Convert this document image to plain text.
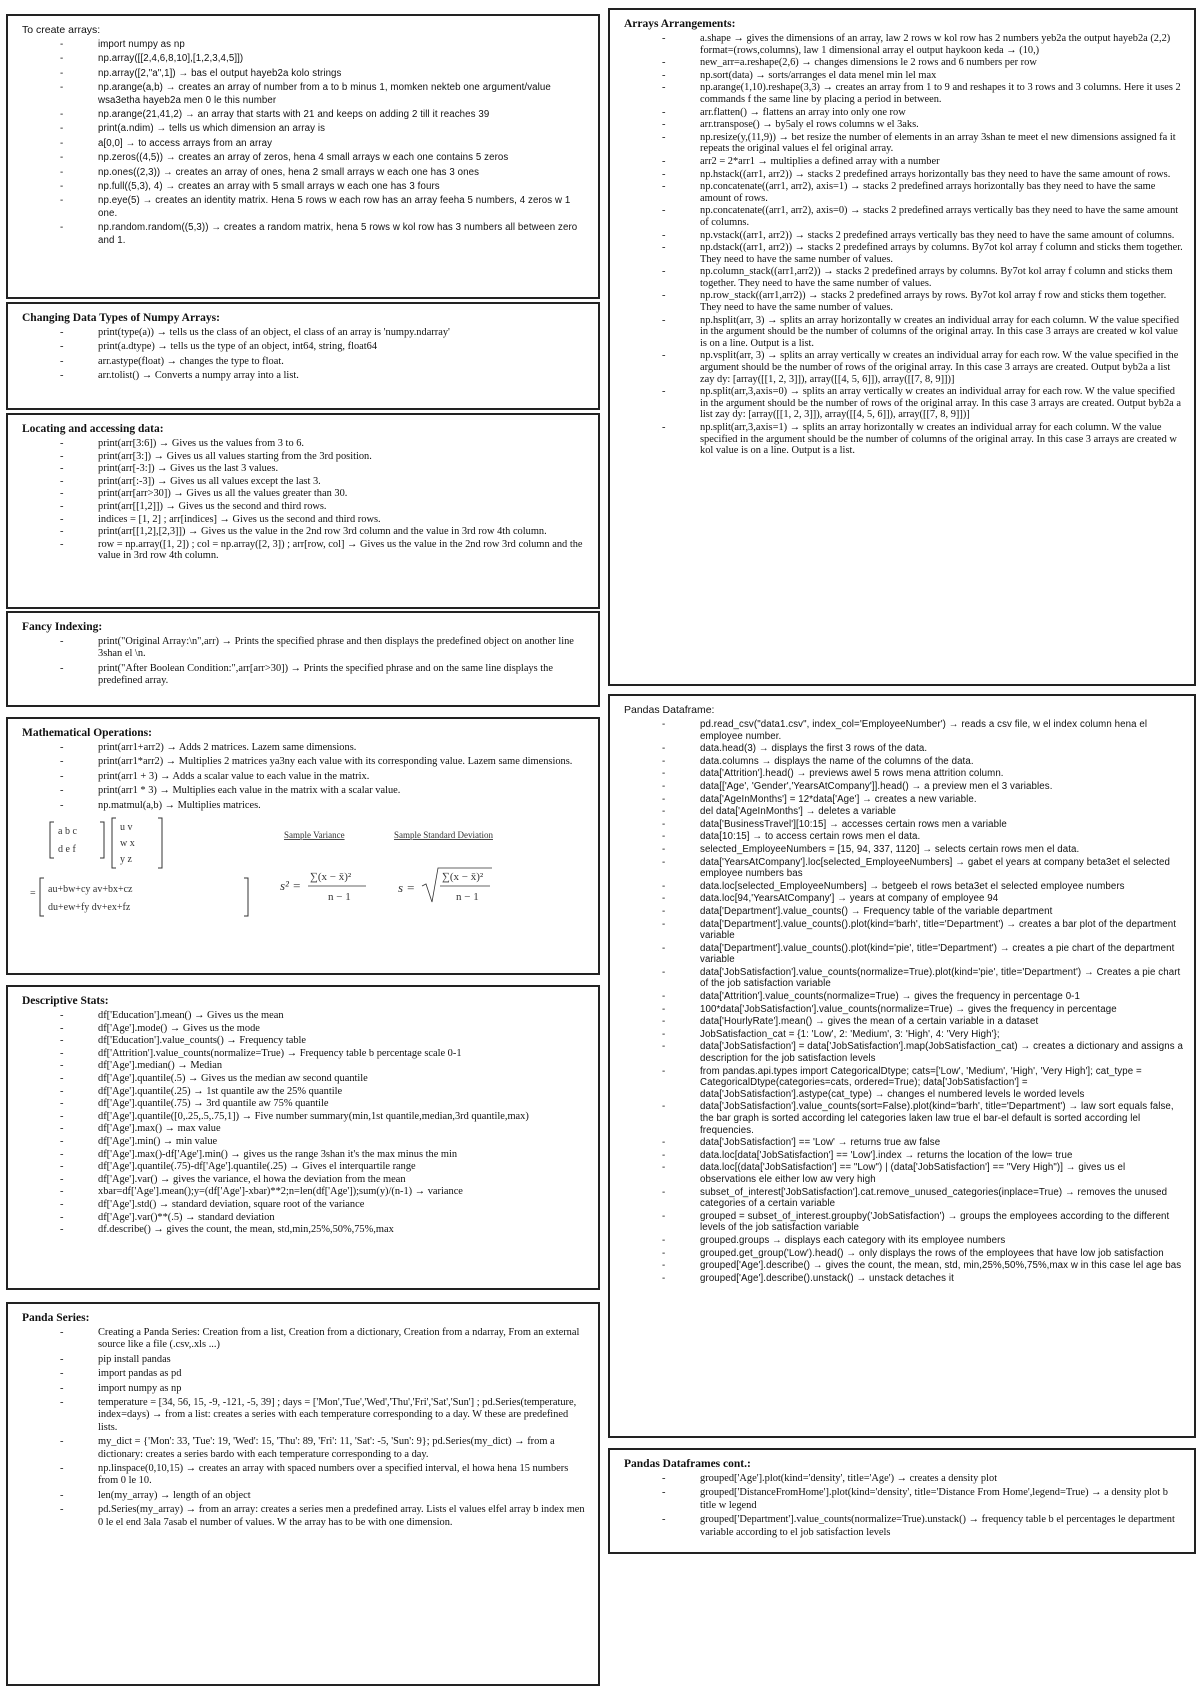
To create arrays:
- import numpy as np
- np.array([[2,4,6,8,10],[1,2,3,4,5]])
- np.array([2,"a",1]) → bas el output hayeb2a kolo strings
- np.arange(a,b) → creates an array of number from a to b minus 1, momken nekteb one argument/value wsa3etha hayeb2a men 0 le this number
- np.arange(21,41,2) → an array that starts with 21 and keeps on adding 2 till it reaches 39
- print(a.ndim) → tells us which dimension an array is
- a[0,0] → to access arrays from an array
- np.zeros((4,5)) → creates an array of zeros, hena 4 small arrays w each one contains 5 zeros
- np.ones((2,3)) → creates an array of ones, hena 2 small arrays w each one has 3 ones
- np.full((5,3), 4) → creates an array with 5 small arrays w each one has 3 fours
- np.eye(5) → creates an identity matrix. Hena 5 rows w each row has an array feeha 5 numbers, 4 zeros w 1 one.
- np.random.random((5,3)) → creates a random matrix, hena 5 rows w kol row has 3 numbers all between zero and 1.
Changing Data Types of Numpy Arrays:
- print(type(a)) → tells us the class of an object, el class of an array is 'numpy.ndarray'
- print(a.dtype) → tells us the type of an object, int64, string, float64
- arr.astype(float) → changes the type to float.
- arr.tolist() → Converts a numpy array into a list.
Locating and accessing data:
- print(arr[3:6]) → Gives us the values from 3 to 6.
- print(arr[3:]) → Gives us all values starting from the 3rd position.
- print(arr[-3:]) → Gives us the last 3 values.
- print(arr[:-3]) → Gives us all values except the last 3.
- print(arr[arr>30]) → Gives us all the values greater than 30.
- print(arr[[1,2]]) → Gives us the second and third rows.
- indices = [1, 2] ; arr[indices] → Gives us the second and third rows.
- print(arr[[1,2],[2,3]]) → Gives us the value in the 2nd row 3rd column and the value in 3rd row 4th column.
- row = np.array([1, 2]) ; col = np.array([2, 3]) ; arr[row, col] → Gives us the value in the 2nd row 3rd column and the value in 3rd row 4th column.
Fancy Indexing:
- print("Original Array:\n",arr) → Prints the specified phrase and then displays the predefined object on another line 3shan el \n.
- print("After Boolean Condition:",arr[arr>30]) → Prints the specified phrase and on the same line displays the predefined array.
Mathematical Operations:
- print(arr1+arr2) → Adds 2 matrices. Lazem same dimensions.
- print(arr1*arr2) → Multiplies 2 matrices ya3ny each value with its corresponding value. Lazem same dimensions.
- print(arr1 + 3) → Adds a scalar value to each value in the matrix.
- print(arr1 * 3) → Multiplies each value in the matrix with a scalar value.
- np.matmul(a,b) → Multiplies matrices.
a b c
d e f
u v
w x
y z
= au+bw+cy av+bx+cz
du+ew+fy dv+ex+fz
Sample Variance
s² =
∑(x − x̄)²
n − 1
Sample Standard Deviation
s =
∑(x − x̄)²
n − 1
Descriptive Stats:
- df['Education'].mean() → Gives us the mean
- df['Age'].mode() → Gives us the mode
- df['Education'].value_counts() → Frequency table
- df['Attrition'].value_counts(normalize=True) → Frequency table b percentage scale 0-1
- df['Age'].median() → Median
- df['Age'].quantile(.5) → Gives us the median aw second quantile
- df['Age'].quantile(.25) → 1st quantile aw the 25% quantile
- df['Age'].quantile(.75) → 3rd quantile aw 75% quantile
- df['Age'].quantile([0,.25,.5,.75,1]) → Five number summary(min,1st quantile,median,3rd quantile,max)
- df['Age'].max() → max value
- df['Age'].min() → min value
- df['Age'].max()-df['Age'].min() → gives us the range 3shan it's the max minus the min
- df['Age'].quantile(.75)-df['Age'].quantile(.25) → Gives el interquartile range
- df['Age'].var() → gives the variance, el howa the deviation from the mean
- xbar=df['Age'].mean();y=(df['Age']-xbar)**2;n=len(df['Age']);sum(y)/(n-1) → variance
- df['Age'].std() → standard deviation, square root of the variance
- df['Age'].var()**(.5) → standard deviation
- df.describe() → gives the count, the mean, std,min,25%,50%,75%,max
Panda Series:
- Creating a Panda Series: Creation from a list, Creation from a dictionary, Creation from a ndarray, From an external source like a file (.csv,.xls ...)
- pip install pandas
- import pandas as pd
- import numpy as np
- temperature = [34, 56, 15, -9, -121, -5, 39] ; days = ['Mon','Tue','Wed','Thu','Fri','Sat','Sun'] ; pd.Series(temperature, index=days) → from a list: creates a series with each temperature corresponding to a day. W these are predefined lists.
- my_dict = {'Mon': 33, 'Tue': 19, 'Wed': 15, 'Thu': 89, 'Fri': 11, 'Sat': -5, 'Sun': 9}; pd.Series(my_dict) → from a dictionary: creates a series bardo with each temperature corresponding to a day.
- np.linspace(0,10,15) → creates an array with spaced numbers over a specified interval, el howa hena 15 numbers from 0 le 10.
- len(my_array) → length of an object
- pd.Series(my_array) → from an array: creates a series men a predefined array. Lists el values elfel array b index men 0 le el end 3ala 7asab el number of values. W the array has to be with one dimension.
Arrays Arrangements:
- a.shape → gives the dimensions of an array, law 2 rows w kol row has 2 numbers yeb2a the output hayeb2a (2,2) format=(rows,columns), law 1 dimensional array el output haykoon keda → (10,)
- new_arr=a.reshape(2,6) → changes dimensions le 2 rows and 6 numbers per row
- np.sort(data) → sorts/arranges el data menel min lel max
- np.arange(1,10).reshape(3,3) → creates an array from 1 to 9 and reshapes it to 3 rows and 3 columns. Here it uses 2 commands f the same line by placing a period in between.
- arr.flatten() → flattens an array into only one row
- arr.transpose() → by5aly el rows columns w el 3aks.
- np.resize(y,(11,9)) → bet resize the number of elements in an array 3shan te meet el new dimensions assigned fa it repeats the original values el fel original array.
- arr2 = 2*arr1 → multiplies a defined array with a number
- np.hstack((arr1, arr2)) → stacks 2 predefined arrays horizontally bas they need to have the same amount of rows.
- np.concatenate((arr1, arr2), axis=1) → stacks 2 predefined arrays horizontally bas they need to have the same amount of rows.
- np.concatenate((arr1, arr2), axis=0) → stacks 2 predefined arrays vertically bas they need to have the same amount of columns.
- np.vstack((arr1, arr2)) → stacks 2 predefined arrays vertically bas they need to have the same amount of columns.
- np.dstack((arr1, arr2)) → stacks 2 predefined arrays by columns. By7ot kol array f column and sticks them together. They need to have the same number of values.
- np.column_stack((arr1,arr2)) → stacks 2 predefined arrays by columns. By7ot kol array f column and sticks them together. They need to have the same number of values.
- np.row_stack((arr1,arr2)) → stacks 2 predefined arrays by rows. By7ot kol array f row and sticks them together. They need to have the same number of values.
- np.hsplit(arr, 3) → splits an array horizontally w creates an individual array for each column. W the value specified in the argument should be the number of columns of the original array. In this case 3 arrays are created w kol value is on a line. Output is a list.
- np.vsplit(arr, 3) → splits an array vertically w creates an individual array for each row. W the value specified in the argument should be the number of rows of the original array. In this case 3 arrays are created. Output byb2a a list zay dy: [array([[1, 2, 3]]), array([[4, 5, 6]]), array([[7, 8, 9]])]
- np.split(arr,3,axis=0) → splits an array vertically w creates an individual array for each row. W the value specified in the argument should be the number of rows of the original array. In this case 3 arrays are created. Output byb2a a list zay dy: [array([[1, 2, 3]]), array([[4, 5, 6]]), array([[7, 8, 9]])]
- np.split(arr,3,axis=1) → splits an array horizontally w creates an individual array for each column. W the value specified in the argument should be the number of columns of the original array. In this case 3 arrays are created w kol value is on a line. Output is a list.
Pandas Dataframe:
- pd.read_csv("data1.csv", index_col='EmployeeNumber') → reads a csv file, w el index column hena el employee number.
- data.head(3) → displays the first 3 rows of the data.
- data.columns → displays the name of the columns of the data.
- data['Attrition'].head() → previews awel 5 rows mena attrition column.
- data[['Age', 'Gender','YearsAtCompany']].head() → a preview men el 3 variables.
- data['AgeInMonths'] = 12*data['Age'] → creates a new variable.
- del data['AgeInMonths'] → deletes a variable
- data['BusinessTravel'][10:15] → accesses certain rows men a variable
- data[10:15] → to access certain rows men el data.
- selected_EmployeeNumbers = [15, 94, 337, 1120] → selects certain rows men el data.
- data['YearsAtCompany'].loc[selected_EmployeeNumbers] → gabet el years at company beta3et el selected employee numbers bas
- data.loc[selected_EmployeeNumbers] → betgeeb el rows beta3et el selected employee numbers
- data.loc[94,'YearsAtCompany'] → years at company of employee 94
- data['Department'].value_counts() → Frequency table of the variable department
- data['Department'].value_counts().plot(kind='barh', title='Department') → creates a bar plot of the department variable
- data['Department'].value_counts().plot(kind='pie', title='Department') → creates a pie chart of the department variable
- data['JobSatisfaction'].value_counts(normalize=True).plot(kind='pie', title='Department') → Creates a pie chart of the job satisfaction variable
- data['Attrition'].value_counts(normalize=True) → gives the frequency in percentage 0-1
- 100*data['JobSatisfaction'].value_counts(normalize=True) → gives the frequency in percentage
- data['HourlyRate'].mean() → gives the mean of a certain variable in a dataset
- JobSatisfaction_cat = {1: 'Low', 2: 'Medium', 3: 'High', 4: 'Very High'};
- data['JobSatisfaction'] = data['JobSatisfaction'].map(JobSatisfaction_cat) → creates a dictionary and assigns a description for the job satisfaction levels
- from pandas.api.types import CategoricalDtype; cats=['Low', 'Medium', 'High', 'Very High']; cat_type = CategoricalDtype(categories=cats, ordered=True); data['JobSatisfaction'] = data['JobSatisfaction'].astype(cat_type) → changes el numbered levels le worded levels
- data['JobSatisfaction'].value_counts(sort=False).plot(kind='barh', title='Department') → law sort equals false, the bar graph is sorted according lel categories laken law true el bar-el default is sorted according lel frequencies.
- data['JobSatisfaction'] == 'Low' → returns true aw false
- data.loc[data['JobSatisfaction'] == 'Low'].index → returns the location of the low= true
- data.loc[(data['JobSatisfaction'] == "Low") | (data['JobSatisfaction'] == "Very High")] → gives us el observations ele either low aw very high
- subset_of_interest['JobSatisfaction'].cat.remove_unused_categories(inplace=True) → removes the unused categories of a certain variable
- grouped = subset_of_interest.groupby('JobSatisfaction') → groups the employees according to the different levels of the job satisfaction variable
- grouped.groups → displays each category with its employee numbers
- grouped.get_group('Low').head() → only displays the rows of the employees that have low job satisfaction
- grouped['Age'].describe() → gives the count, the mean, std, min,25%,50%,75%,max w in this case lel age bas
- grouped['Age'].describe().unstack() → unstack detaches it
Pandas Dataframes cont.:
- grouped['Age'].plot(kind='density', title='Age') → creates a density plot
- grouped['DistanceFromHome'].plot(kind='density', title='Distance From Home',legend=True) → a density plot b title w legend
- grouped['Department'].value_counts(normalize=True).unstack() → frequency table b el percentages le department variable according to el job satisfaction levels
